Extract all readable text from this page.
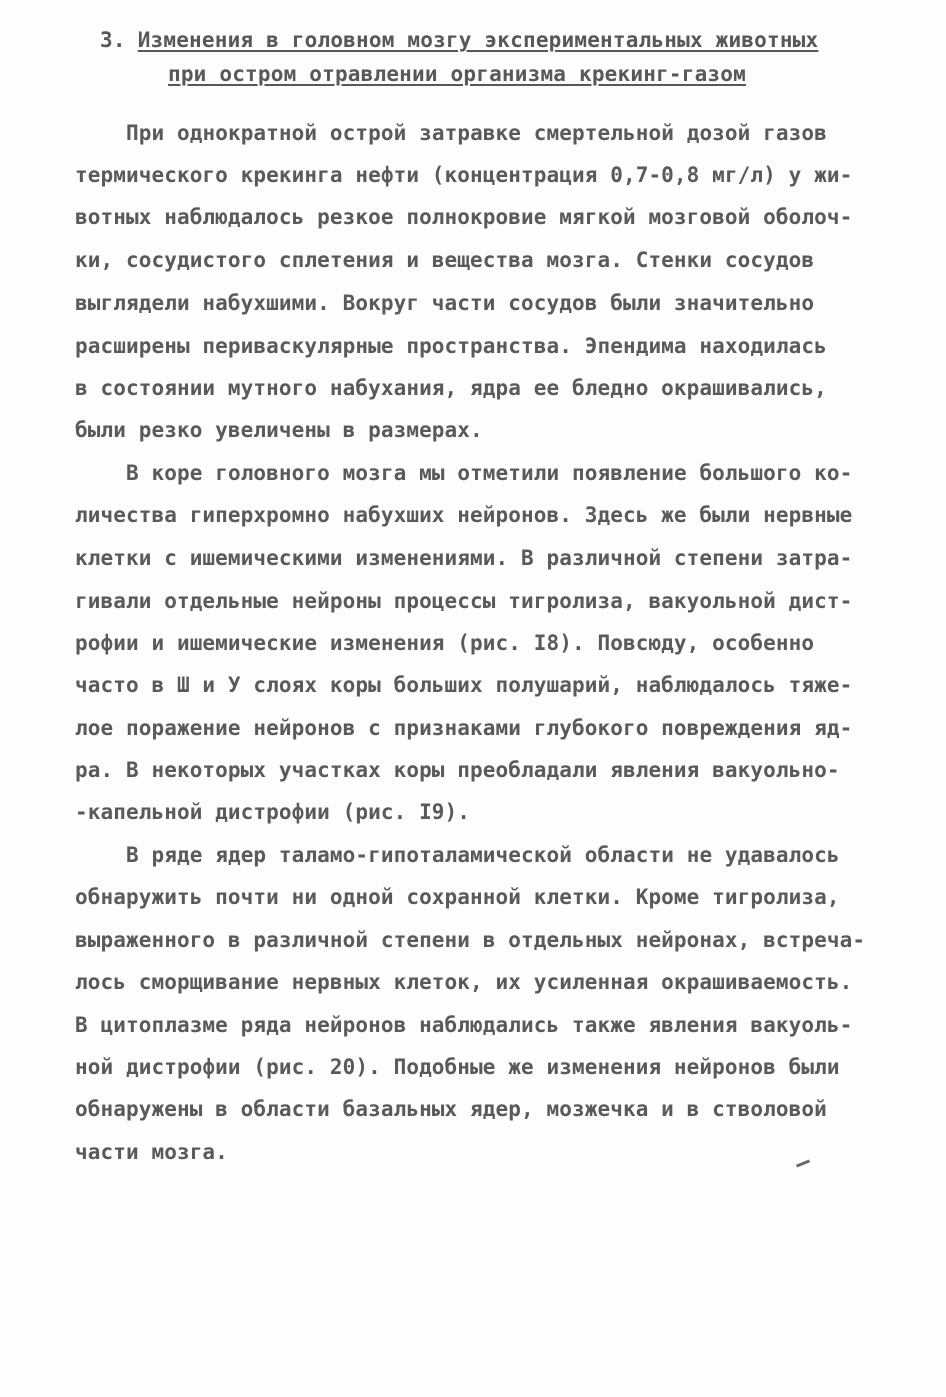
3. Изменения в головном мозгу экспериментальных животных
при остром отравлении организма крекинг-газом
При однократной острой затравке смертельной дозой газов
термического крекинга нефти (концентрация 0,7-0,8 мг/л) у жи-
вотных наблюдалось резкое полнокровие мягкой мозговой оболоч-
ки, сосудистого сплетения и вещества мозга. Стенки сосудов
выглядели набухшими. Вокруг части сосудов были значительно
расширены периваскулярные пространства. Эпендима находилась
в состоянии мутного набухания, ядра ее бледно окрашивались,
были резко увеличены в размерах.
В коре головного мозга мы отметили появление большого ко-
личества гиперхромно набухших нейронов. Здесь же были нервные
клетки с ишемическими изменениями. В различной степени затра-
гивали отдельные нейроны процессы тигролиза, вакуольной дист-
рофии и ишемические изменения (рис. I8). Повсюду, особенно
часто в Ш и У слоях коры больших полушарий, наблюдалось тяже-
лое поражение нейронов с признаками глубокого повреждения яд-
ра. В некоторых участках коры преобладали явления вакуольно-
-капельной дистрофии (рис. I9).
В ряде ядер таламо-гипоталамической области не удавалось
обнаружить почти ни одной сохранной клетки. Кроме тигролиза,
выраженного в различной степени в отдельных нейронах, встреча-
лось сморщивание нервных клеток, их усиленная окрашиваемость.
В цитоплазме ряда нейронов наблюдались также явления вакуоль-
ной дистрофии (рис. 20). Подобные же изменения нейронов были
обнаружены в области базальных ядер, мозжечка и в стволовой
части мозга.
